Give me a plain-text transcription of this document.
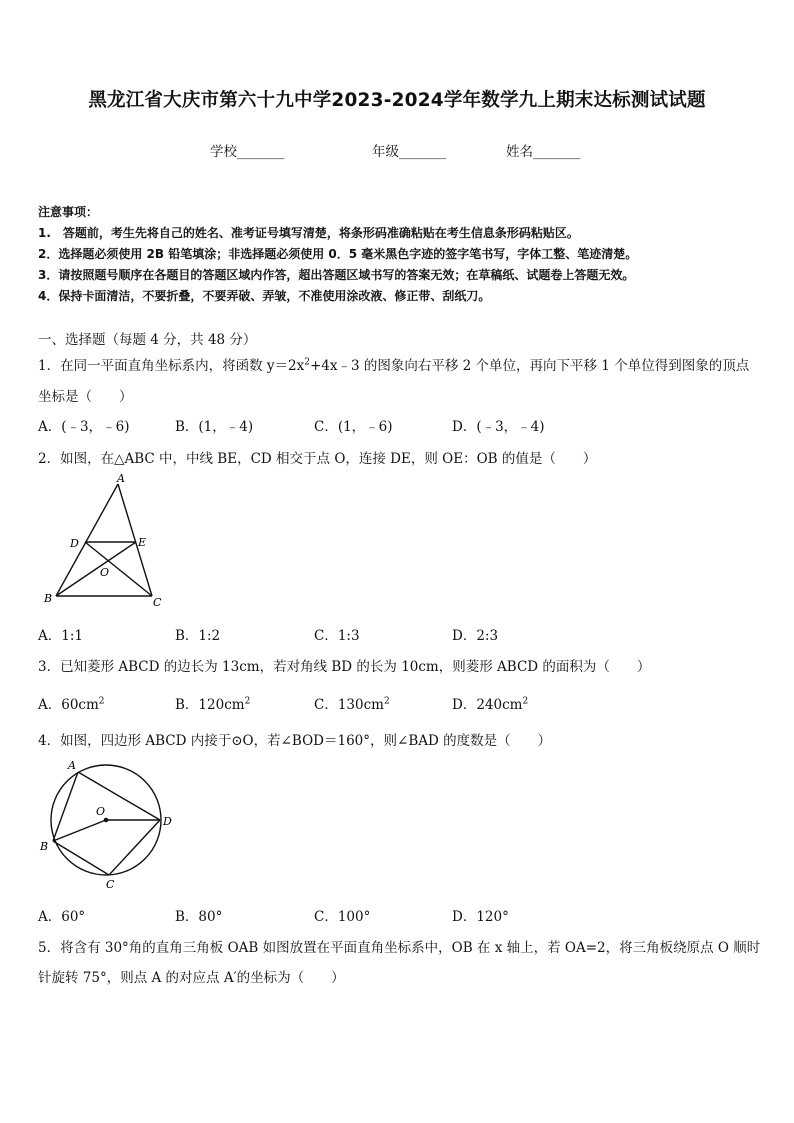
黑龙江省大庆市第六十九中学2023-2024学年数学九上期末达标测试试题
学校_______	年级_______	姓名_______
注意事项：
1.　答题前，考生先将自己的姓名、准考证号填写清楚，将条形码准确粘贴在考生信息条形码粘贴区。
2．选择题必须使用 2B 铅笔填涂；非选择题必须使用 0．5 毫米黑色字迹的签字笔书写，字体工整、笔迹清楚。
3．请按照题号顺序在各题目的答题区域内作答，超出答题区域书写的答案无效；在草稿纸、试题卷上答题无效。
4．保持卡面清洁，不要折叠，不要弄破、弄皱，不准使用涂改液、修正带、刮纸刀。
一、选择题（每题 4 分，共 48 分）
1．在同一平面直角坐标系内，将函数 $y=2x^2+4x﹣3$ 的图象向右平移 2 个单位，再向下平移 1 个单位得到图象的顶点
坐标是（　　）
A．(﹣3，﹣6)	B．(1，﹣4)	C．(1，﹣6)	D．(﹣3，﹣4)
2．如图，在△ABC 中，中线 BE，CD 相交于点 O，连接 DE，则 OE：OB 的值是（　　）
A
D	E
O
B	C
A．1:1	B．1:2	C．1:3	D．2:3
3．已知菱形 ABCD 的边长为 13cm，若对角线 BD 的长为 10cm，则菱形 ABCD 的面积为（　　）
A．$60cm^2$	B．$120cm^2$	C．$130cm^2$	D．$240cm^2$
4．如图，四边形 ABCD 内接于⊙O，若∠BOD＝160°，则∠BAD 的度数是（　　）
A
O
D
B
C
A．60°	B．80°	C．100°	D．120°
5．将含有 30°角的直角三角板 OAB 如图放置在平面直角坐标系中，OB 在 x 轴上，若 OA=2，将三角板绕原点 O 顺时
针旋转 75°，则点 A 的对应点 A′的坐标为（　　）
